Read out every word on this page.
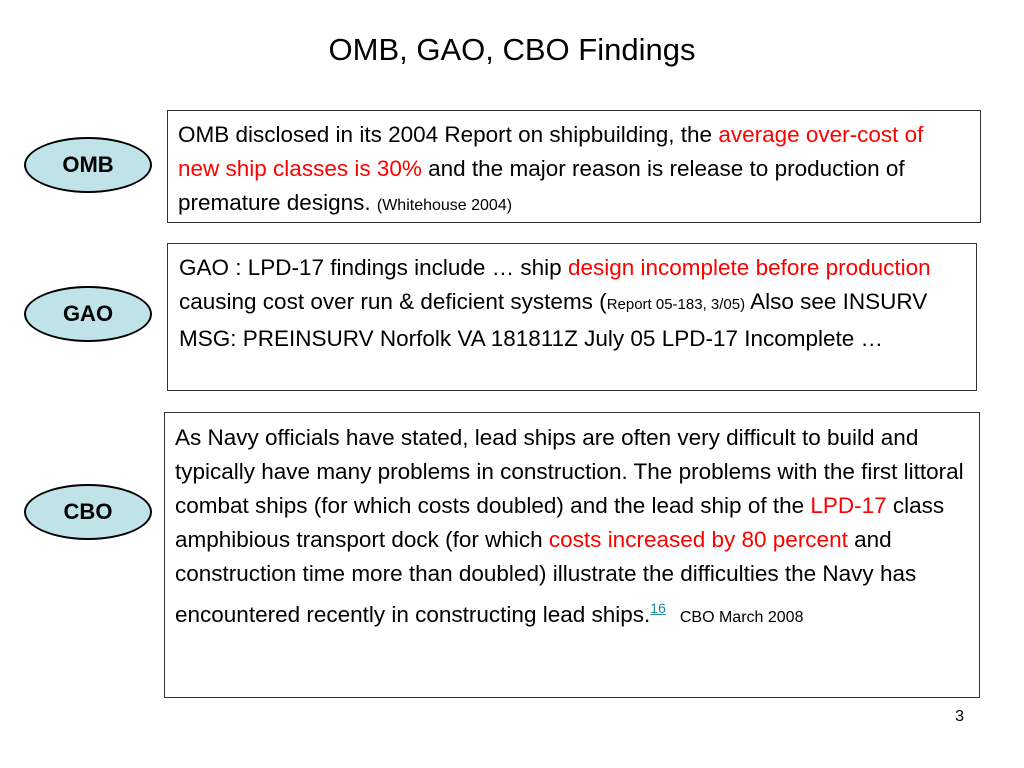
OMB, GAO, CBO Findings
OMB
OMB disclosed in its 2004 Report on shipbuilding, the average over-cost of new ship classes is 30% and the major reason is release to production of premature designs. (Whitehouse 2004)
GAO
GAO : LPD-17 findings include … ship design incomplete before production causing cost over run & deficient systems (Report 05-183, 3/05) Also see INSURV MSG: PREINSURV Norfolk VA 181811Z July 05 LPD-17 Incomplete …
CBO
As Navy officials have stated, lead ships are often very difficult to build and typically have many problems in construction. The problems with the first littoral combat ships (for which costs doubled) and the lead ship of the LPD-17 class amphibious transport dock (for which costs increased by 80 percent and construction time more than doubled) illustrate the difficulties the Navy has encountered recently in constructing lead ships.$^{16}$CBO March 2008
3
